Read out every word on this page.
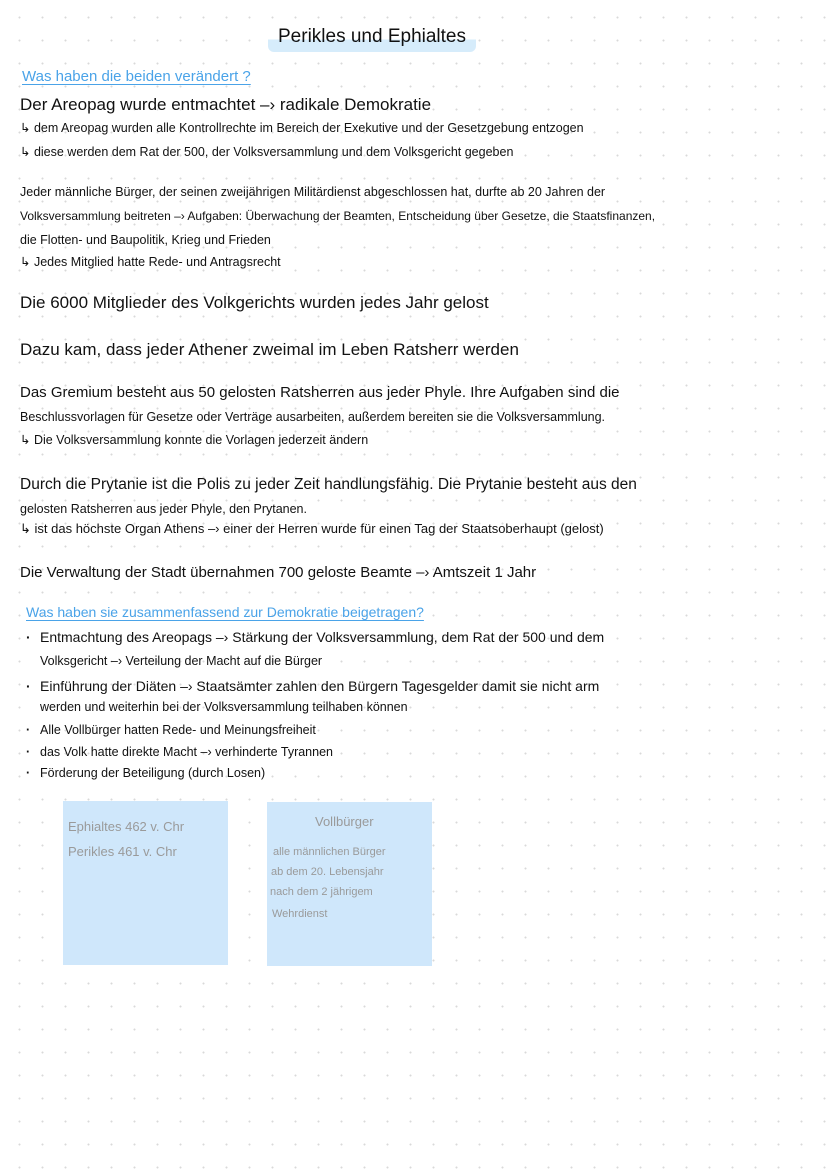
Perikles und Ephialtes
Was haben die beiden verändert ?
Der Areopag wurde entmachtet –› radikale Demokratie
↳ dem Areopag wurden alle Kontrollrechte im Bereich der Exekutive und der Gesetzgebung entzogen
↳ diese werden dem Rat der 500, der Volksversammlung und dem Volksgericht gegeben
Jeder männliche Bürger, der seinen zweijährigen Militärdienst abgeschlossen hat, durfte ab 20 Jahren der
Volksversammlung beitreten –› Aufgaben: Überwachung der Beamten, Entscheidung über Gesetze, die Staatsfinanzen,
die Flotten- und Baupolitik, Krieg und Frieden
↳ Jedes Mitglied hatte Rede- und Antragsrecht
Die 6000 Mitglieder des Volkgerichts wurden jedes Jahr gelost
Dazu kam, dass jeder Athener zweimal im Leben Ratsherr werden
Das Gremium besteht aus 50 gelosten Ratsherren aus jeder Phyle. Ihre Aufgaben sind die
Beschlussvorlagen für Gesetze oder Verträge ausarbeiten, außerdem bereiten sie die Volksversammlung.
↳ Die Volksversammlung konnte die Vorlagen jederzeit ändern
Durch die Prytanie ist die Polis zu jeder Zeit handlungsfähig. Die Prytanie besteht aus den
gelosten Ratsherren aus jeder Phyle, den Prytanen.
↳ ist das höchste Organ Athens –› einer der Herren wurde für einen Tag der Staatsoberhaupt (gelost)
Die Verwaltung der Stadt übernahmen 700 geloste Beamte –› Amtszeit 1 Jahr
Was haben sie zusammenfassend zur Demokratie beigetragen?
· Entmachtung des Areopags –› Stärkung der Volksversammlung, dem Rat der 500 und dem
Volksgericht –› Verteilung der Macht auf die Bürger
· Einführung der Diäten –› Staatsämter zahlen den Bürgern Tagesgelder damit sie nicht arm
werden und weiterhin bei der Volksversammlung teilhaben können
· Alle Vollbürger hatten Rede- und Meinungsfreiheit
· das Volk hatte direkte Macht –› verhinderte Tyrannen
· Förderung der Beteiligung (durch Losen)
Ephialtes 462 v. Chr
Perikles 461 v. Chr
Vollbürger
alle männlichen Bürger
ab dem 20. Lebensjahr
nach dem 2 jährigem
Wehrdienst
